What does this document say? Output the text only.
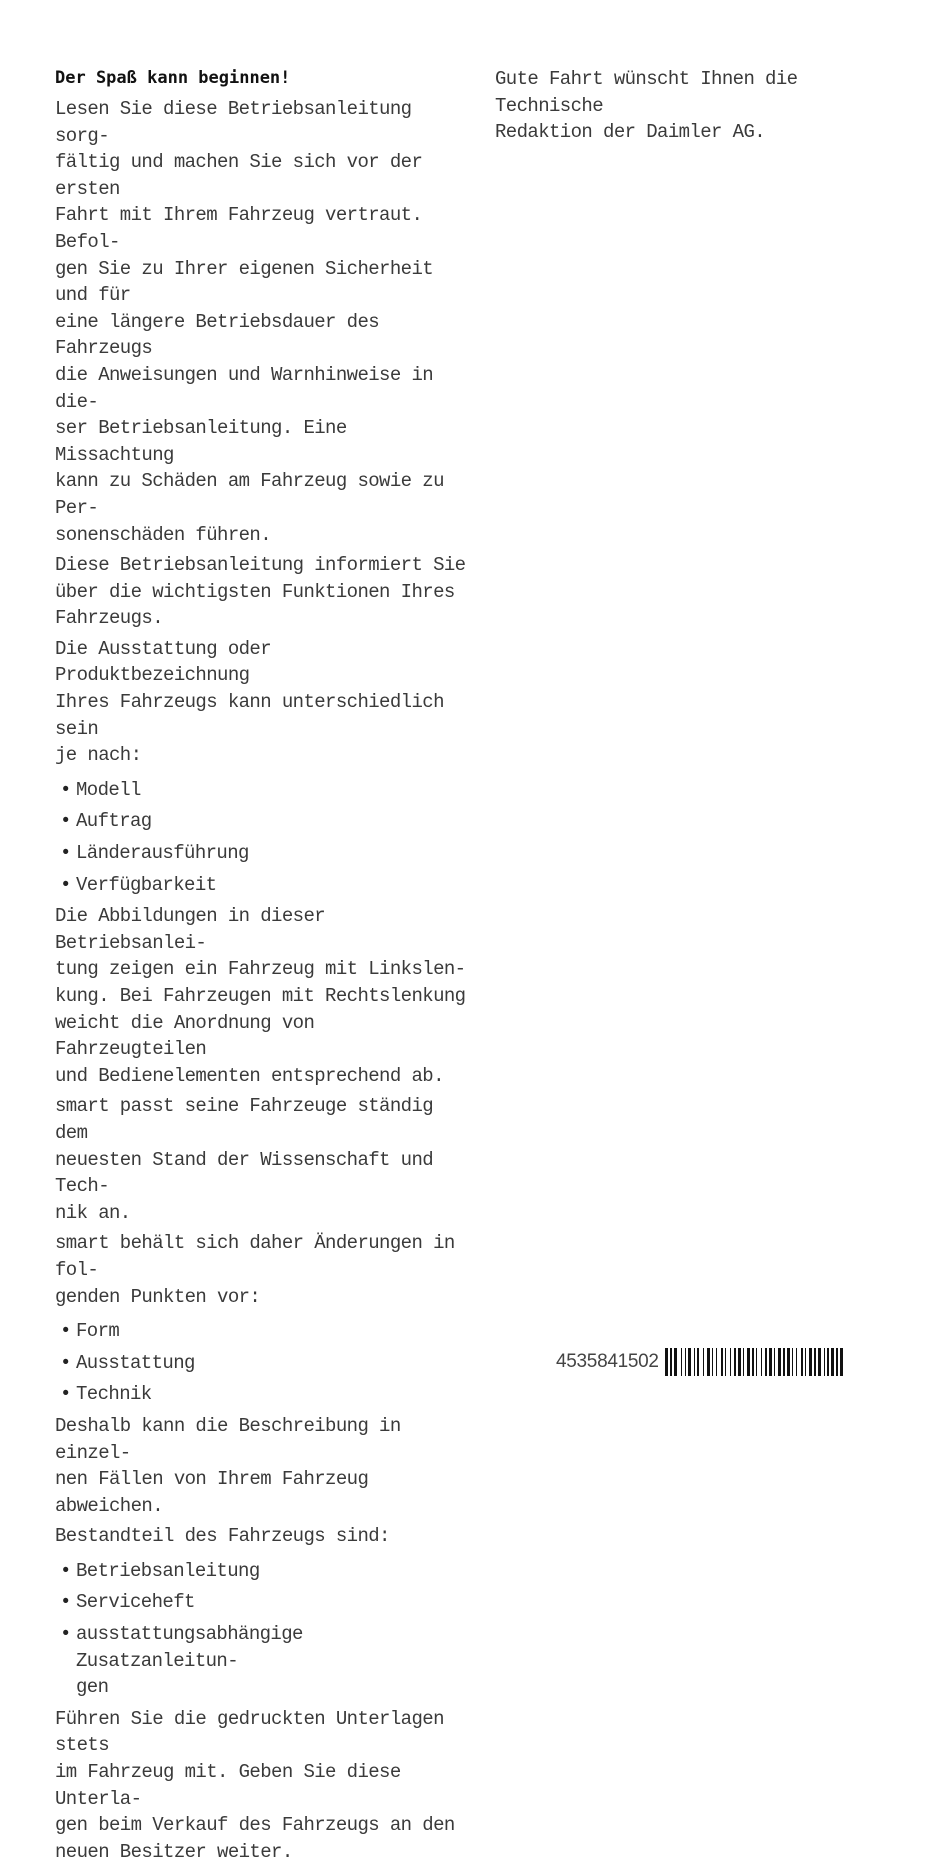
Der Spaß kann beginnen!

Lesen Sie diese Betriebsanleitung sorg-
fältig und machen Sie sich vor der ersten
Fahrt mit Ihrem Fahrzeug vertraut. Befol-
gen Sie zu Ihrer eigenen Sicherheit und für
eine längere Betriebsdauer des Fahrzeugs
die Anweisungen und Warnhinweise in die-
ser Betriebsanleitung. Eine Missachtung
kann zu Schäden am Fahrzeug sowie zu Per-
sonenschäden führen.

Diese Betriebsanleitung informiert Sie
über die wichtigsten Funktionen Ihres
Fahrzeugs.

Die Ausstattung oder Produktbezeichnung
Ihres Fahrzeugs kann unterschiedlich sein
je nach:

• Modell
• Auftrag
• Länderausführung
• Verfügbarkeit

Die Abbildungen in dieser Betriebsanlei-
tung zeigen ein Fahrzeug mit Linkslen-
kung. Bei Fahrzeugen mit Rechtslenkung
weicht die Anordnung von Fahrzeugteilen
und Bedienelementen entsprechend ab.

smart passt seine Fahrzeuge ständig dem
neuesten Stand der Wissenschaft und Tech-
nik an.

smart behält sich daher Änderungen in fol-
genden Punkten vor:

• Form
• Ausstattung
• Technik

Deshalb kann die Beschreibung in einzel-
nen Fällen von Ihrem Fahrzeug abweichen.

Bestandteil des Fahrzeugs sind:

• Betriebsanleitung
• Serviceheft
• ausstattungsabhängige Zusatzanleitun-
gen

Führen Sie die gedruckten Unterlagen stets
im Fahrzeug mit. Geben Sie diese Unterla-
gen beim Verkauf des Fahrzeugs an den
neuen Besitzer weiter.

Gute Fahrt wünscht Ihnen die Technische
Redaktion der Daimler AG.

4535841502
